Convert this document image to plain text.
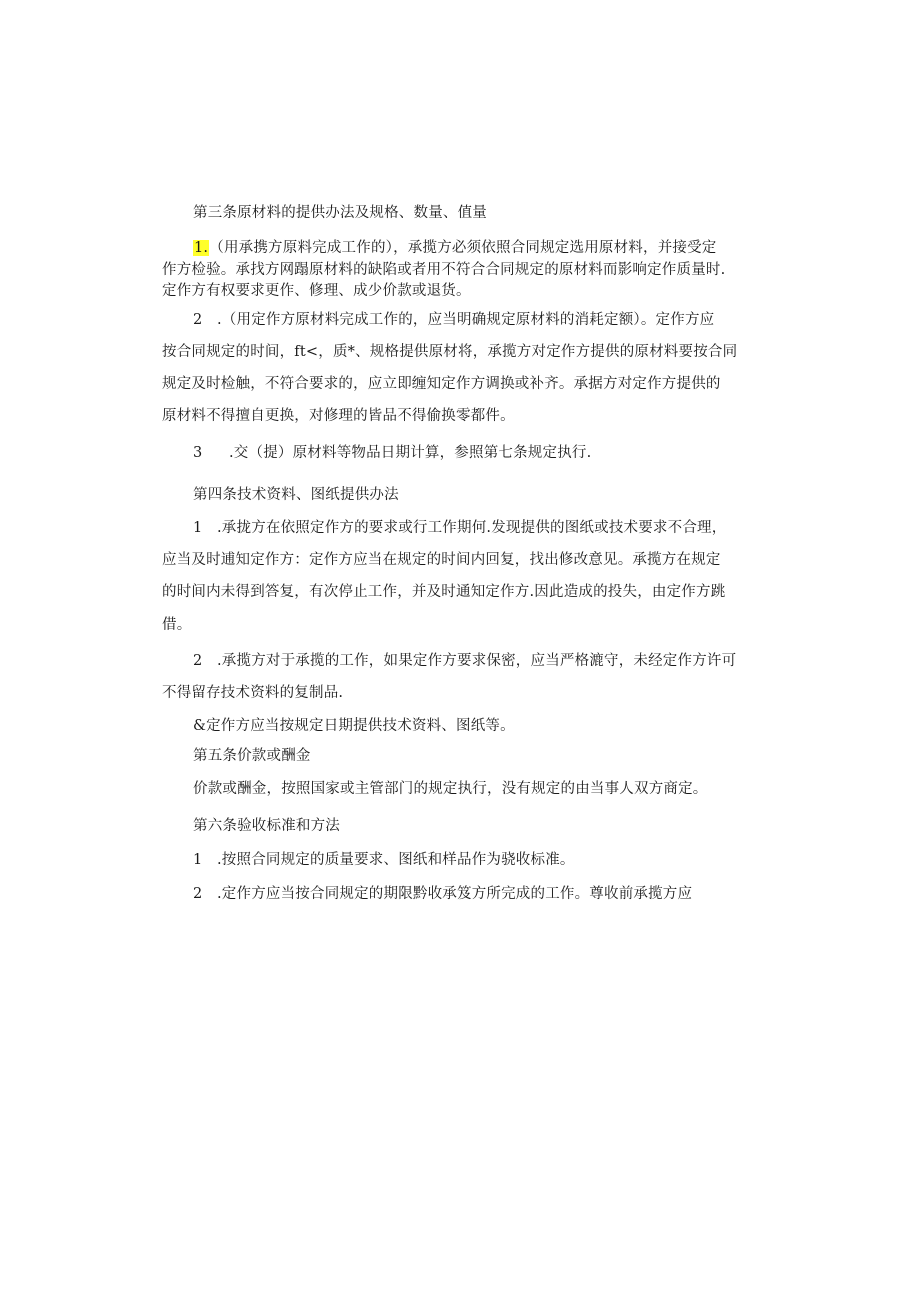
第三条原材料的提供办法及规格、数量、值量
1.（用承携方原料完成工作的），承揽方必须依照合同规定选用原材料，并接受定
作方检验。承找方网蹋原材料的缺陷或者用不符合合同规定的原材料而影响定作质量时.
定作方有权要求更作、修理、成少价款或退货。
2 .（用定作方原材料完成工作的，应当明确规定原材料的消耗定额）。定作方应
按合同规定的时间，ft<，质*、规格提供原材将，承揽方对定作方提供的原材料要按合同
规定及时检触，不符合要求的，应立即缠知定作方调换或补齐。承据方对定作方提供的
原材料不得擅自更换，对修理的皆品不得偷换零都件。
3 .交（提）原材料等物品日期计算，参照第七条规定执行.
第四条技术资料、图纸提供办法
1 .承拢方在依照定作方的要求或行工作期何.发现提供的图纸或技术要求不合理，
应当及时逋知定作方：定作方应当在规定的时间内回复，找出修改意见。承揽方在规定
的时间内未得到答复，有次停止工作，并及时通知定作方.因此造成的投失，由定作方跳
借。
2 .承揽方对于承揽的工作，如果定作方要求保密，应当严格漉守，未经定作方许可
不得留存技术资料的复制品.
&定作方应当按规定日期提供技术资料、图纸等。
第五条价款或酬金
价款或酬金，按照国家或主管部门的规定执行，没有规定的由当事人双方商定。
第六条验收标准和方法
1 .按照合同规定的质量要求、图纸和样品作为骁收标准。
2 .定作方应当按合同规定的期限黔收承笈方所完成的工作。尊收前承揽方应
